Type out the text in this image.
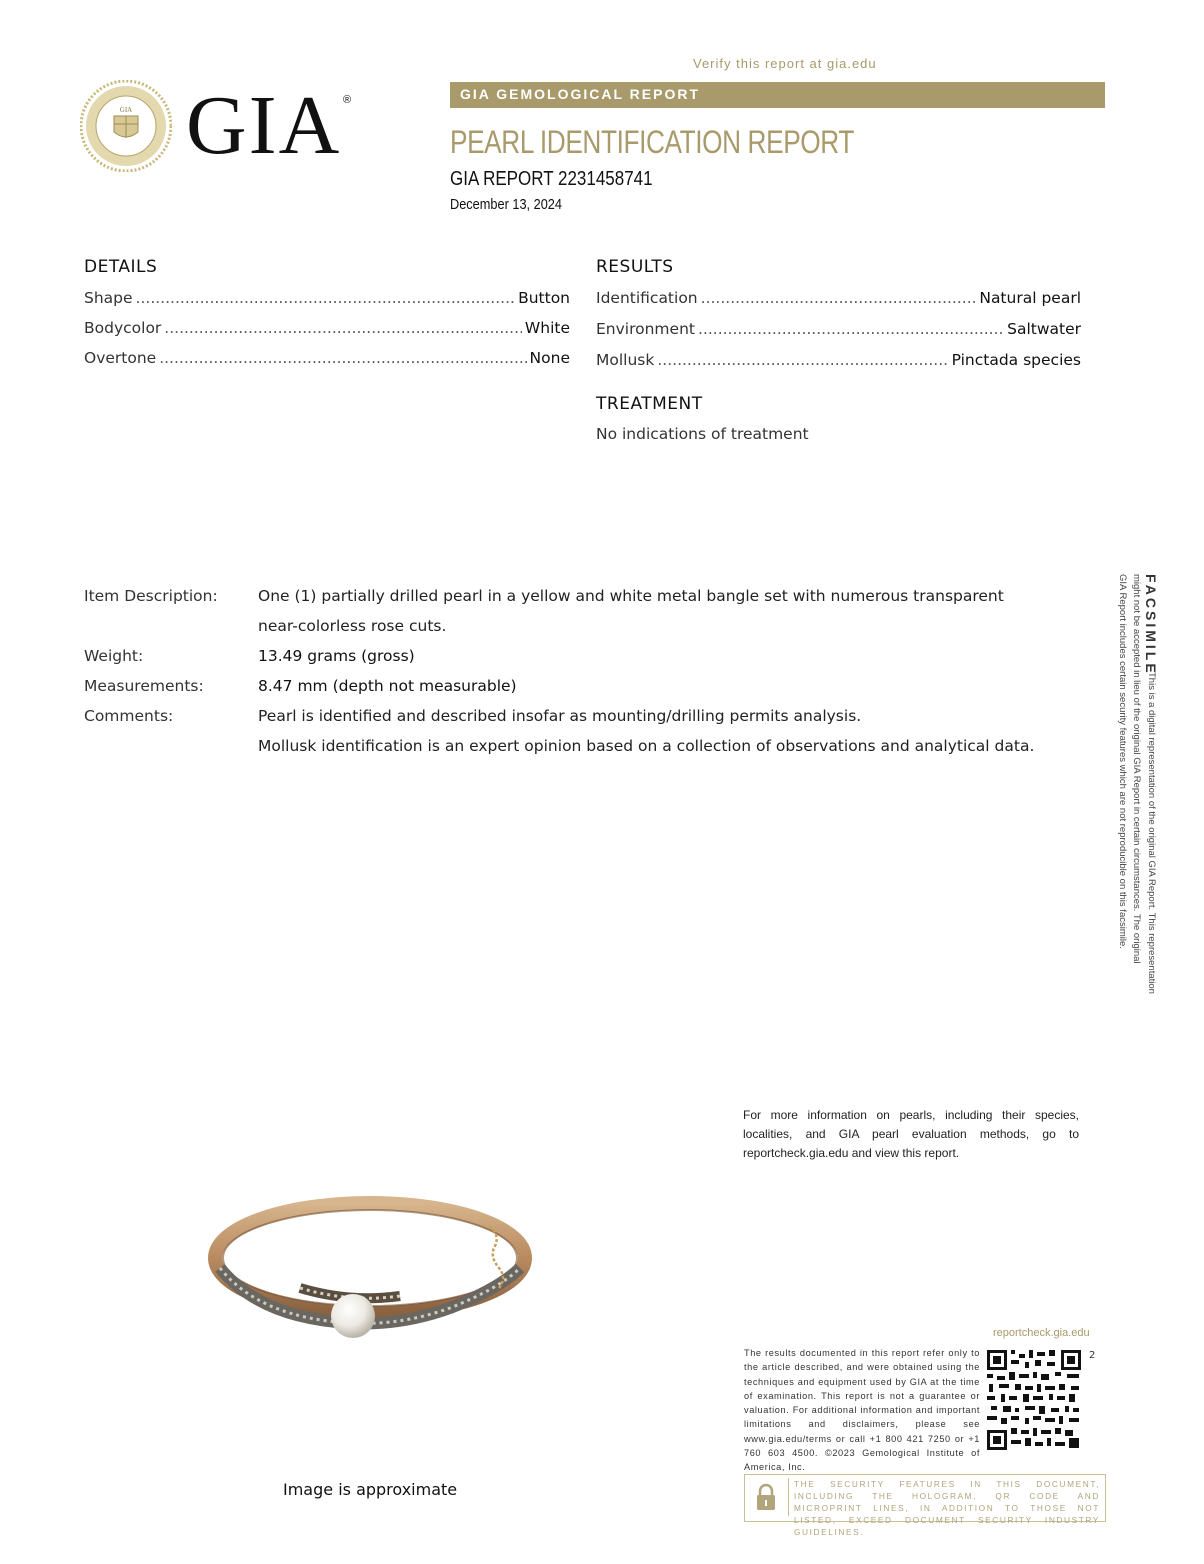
Verify this report at gia.edu
GIA GIA ®	GIA GEMOLOGICAL REPORT
PEARL IDENTIFICATION REPORT
GIA REPORT 2231458741
December 13, 2024
DETAILS
Shape .....	Button
Bodycolor .....	White
Overtone .....	None
RESULTS
Identification .....	Natural pearl
Environment .....	Saltwater
Mollusk .....	Pinctada species
TREATMENT
No indications of treatment
Item Description:	One (1) partially drilled pearl in a yellow and white metal bangle set with numerous transparent
near-colorless rose cuts.
Weight:	13.49 grams (gross)
Measurements:	8.47 mm (depth not measurable)
Comments:	Pearl is identified and described insofar as mounting/drilling permits analysis.
Mollusk identification is an expert opinion based on a collection of observations and analytical data.
FACSIMILE
This is a digital representation of the original GIA Report. This representation
might not be accepted in lieu of the original GIA Report in certain circumstances. The original
GIA Report includes certain security features which are not reproducible on this facsimile.
For more information on pearls, including their species, localities, and GIA pearl evaluation methods, go to reportcheck.gia.edu and view this report.
Image is approximate
reportcheck.gia.edu
The results documented in this report refer only to the article described, and were obtained using the techniques and equipment used by GIA at the time of examination. This report is not a guarantee or valuation. For additional information and important limitations and disclaimers, please see www.gia.edu/terms or call +1 800 421 7250 or +1 760 603 4500. ©2023 Gemological Institute of America, Inc.
2
THE SECURITY FEATURES IN THIS DOCUMENT, INCLUDING THE HOLOGRAM, QR CODE AND MICROPRINT LINES, IN ADDITION TO THOSE NOT LISTED, EXCEED DOCUMENT SECURITY INDUSTRY GUIDELINES.
